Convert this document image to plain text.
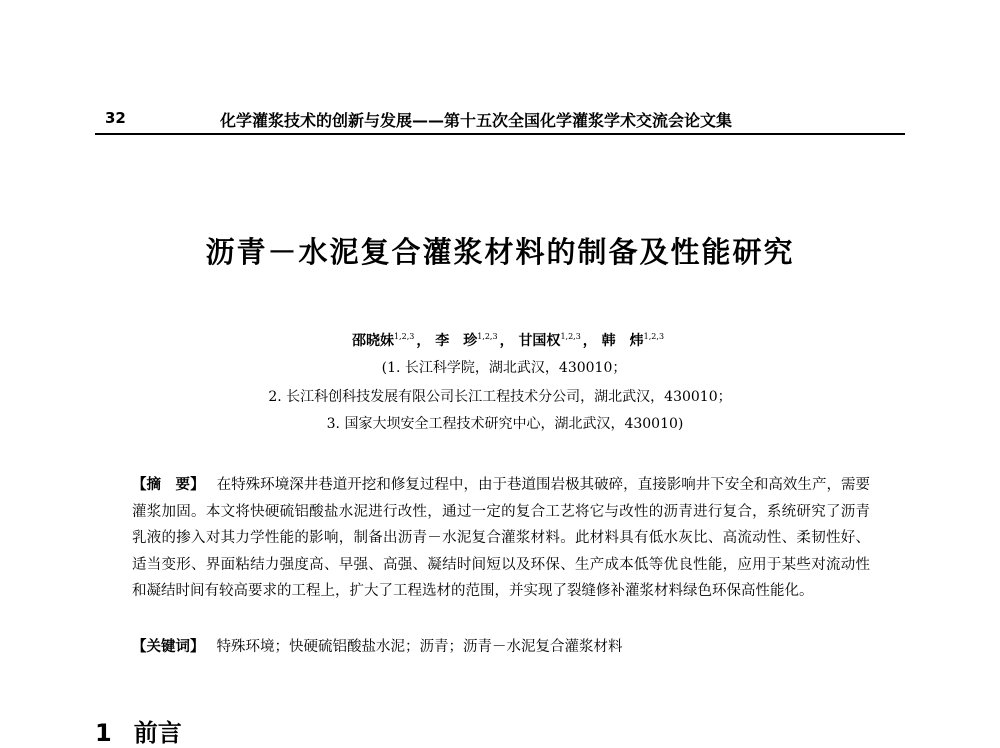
32	化学灌浆技术的创新与发展——第十五次全国化学灌浆学术交流会论文集
沥青－水泥复合灌浆材料的制备及性能研究
邵晓妹$^{1,2,3}$ ， 李　珍$^{1,2,3}$ ， 甘国权$^{1,2,3}$ ， 韩　炜$^{1,2,3}$
(1. 长江科学院，湖北武汉，430010；
2. 长江科创科技发展有限公司长江工程技术分公司，湖北武汉，430010；
3. 国家大坝安全工程技术研究中心，湖北武汉，430010)

【摘　要】 在特殊环境深井巷道开挖和修复过程中，由于巷道围岩极其破碎，直接影响井下安全和高效生产，需要灌浆加固。本文将快硬硫铝酸盐水泥进行改性，通过一定的复合工艺将它与改性的沥青进行复合，系统研究了沥青乳液的掺入对其力学性能的影响，制备出沥青－水泥复合灌浆材料。此材料具有低水灰比、高流动性、柔韧性好、适当变形、界面粘结力强度高、早强、高强、凝结时间短以及环保、生产成本低等优良性能，应用于某些对流动性和凝结时间有较高要求的工程上，扩大了工程选材的范围，并实现了裂缝修补灌浆材料绿色环保高性能化。

【关键词】 特殊环境；快硬硫铝酸盐水泥；沥青；沥青－水泥复合灌浆材料
1 前言
